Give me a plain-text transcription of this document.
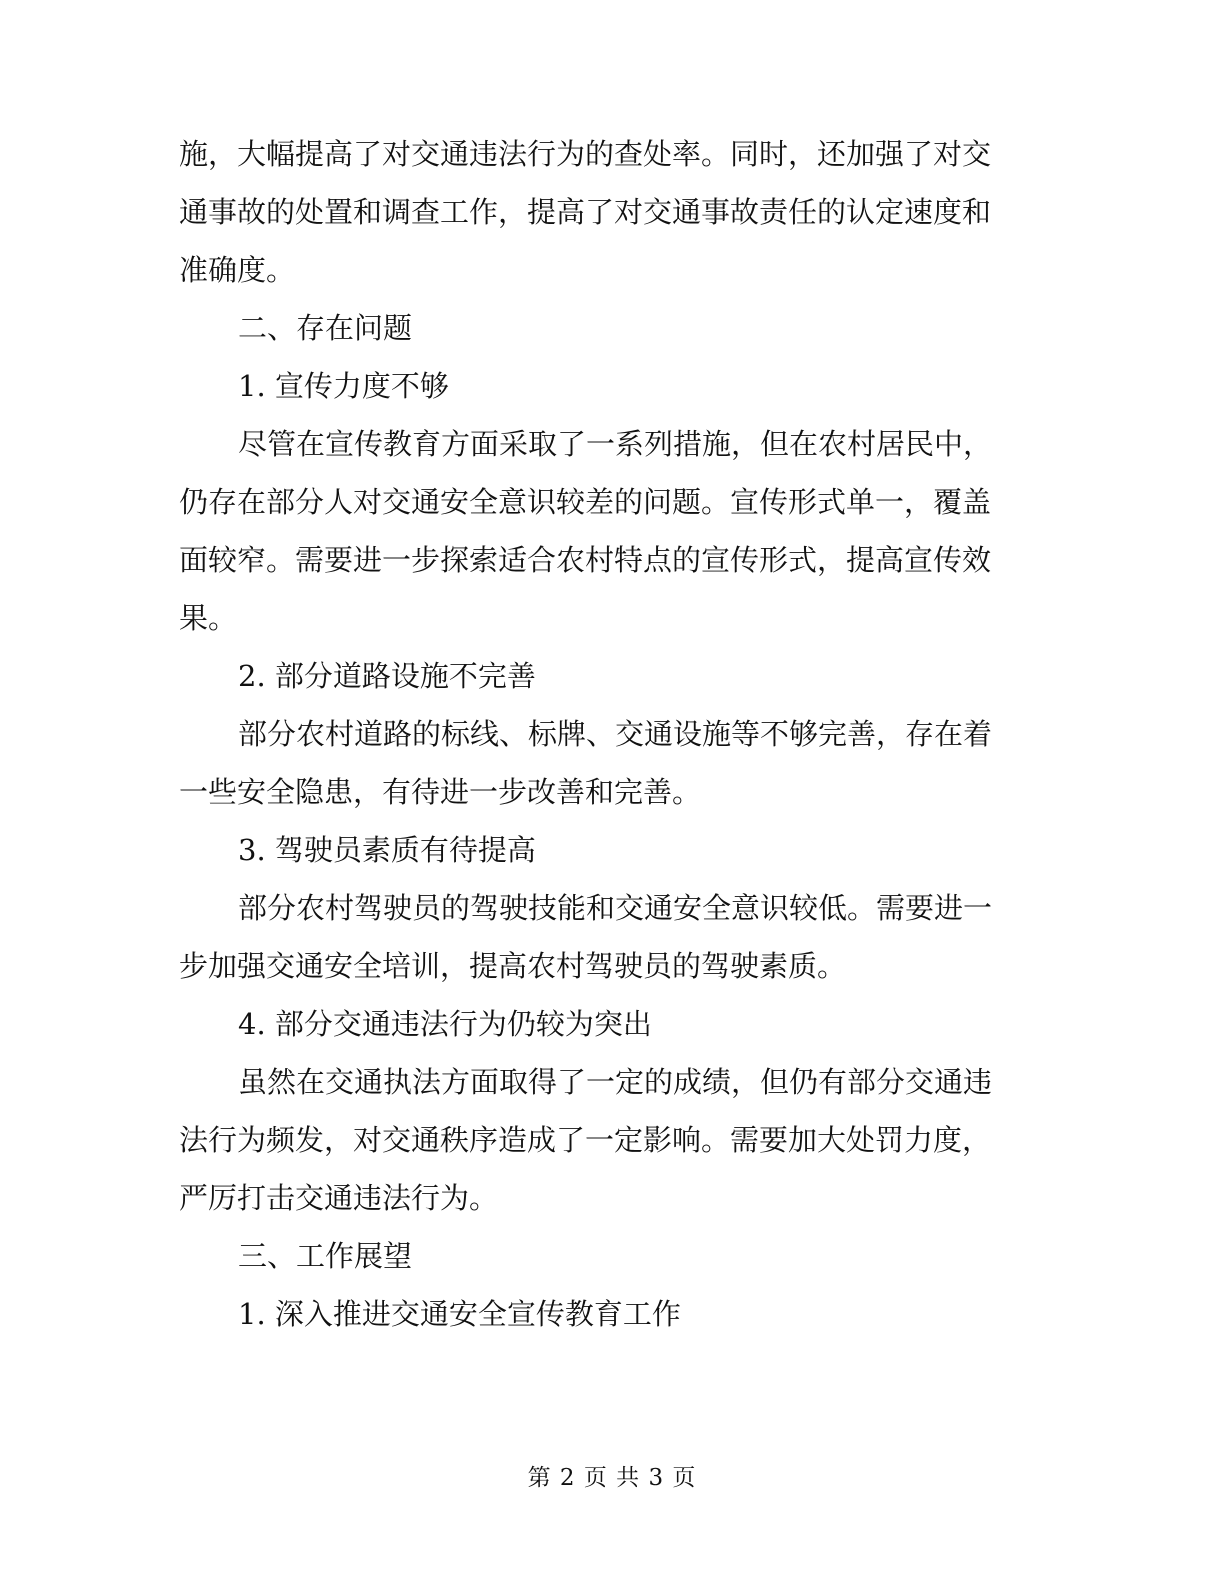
施，大幅提高了对交通违法行为的查处率。同时，还加强了对交
通事故的处置和调查工作，提高了对交通事故责任的认定速度和
准确度。
二、存在问题
1. 宣传力度不够
尽管在宣传教育方面采取了一系列措施，但在农村居民中，
仍存在部分人对交通安全意识较差的问题。宣传形式单一，覆盖
面较窄。需要进一步探索适合农村特点的宣传形式，提高宣传效
果。
2. 部分道路设施不完善
部分农村道路的标线、标牌、交通设施等不够完善，存在着
一些安全隐患，有待进一步改善和完善。
3. 驾驶员素质有待提高
部分农村驾驶员的驾驶技能和交通安全意识较低。需要进一
步加强交通安全培训，提高农村驾驶员的驾驶素质。
4. 部分交通违法行为仍较为突出
虽然在交通执法方面取得了一定的成绩，但仍有部分交通违
法行为频发，对交通秩序造成了一定影响。需要加大处罚力度，
严厉打击交通违法行为。
三、工作展望
1. 深入推进交通安全宣传教育工作
第 2 页 共 3 页
